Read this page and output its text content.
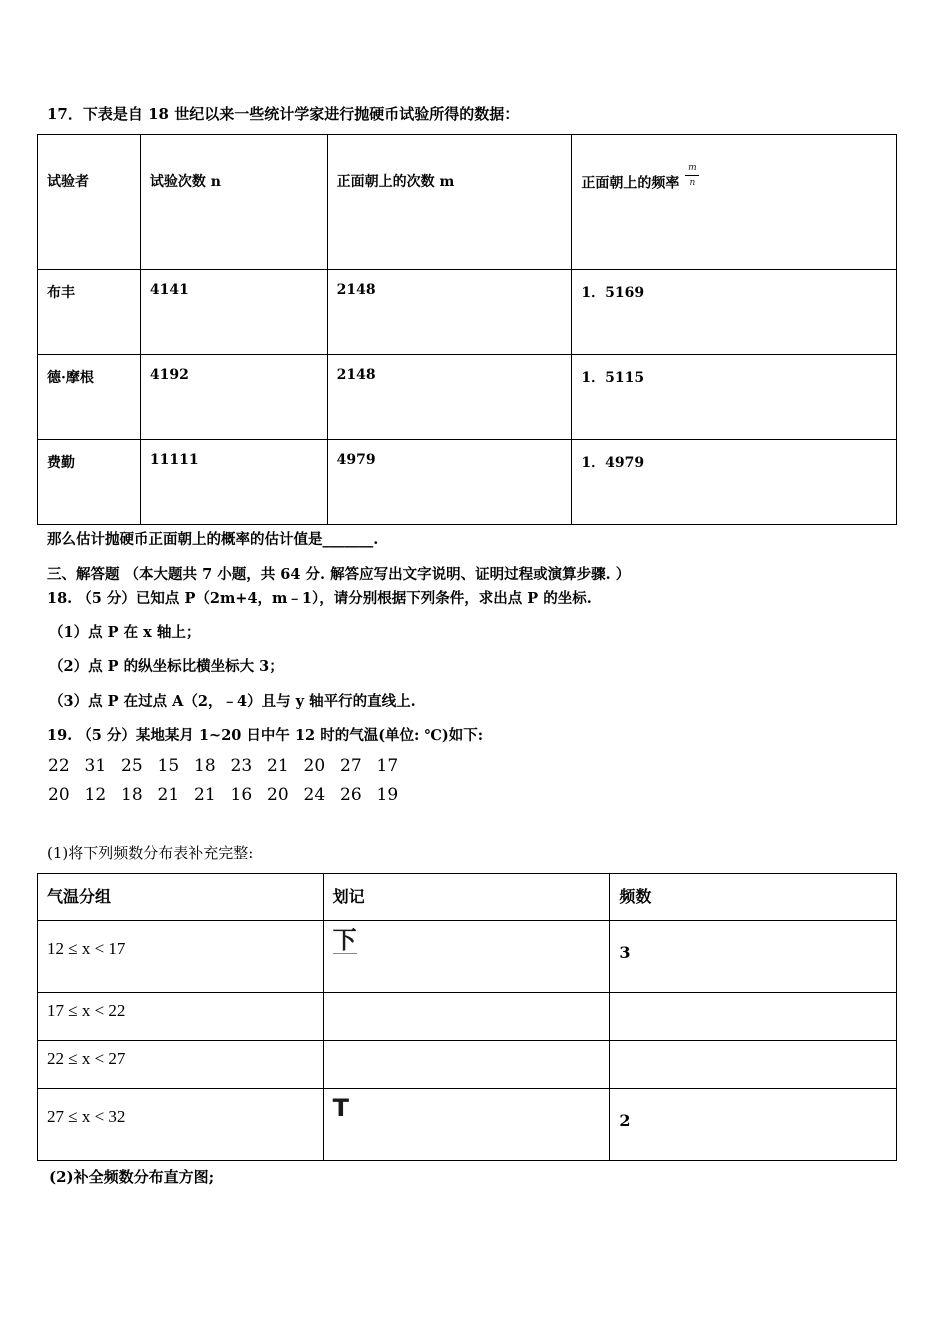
17．下表是自 18 世纪以来一些统计学家进行抛硬币试验所得的数据：
试验者	试验次数 n	正面朝上的次数 m	正面朝上的频率 $\frac{m}{n}$

布丰	4141	2148	1．5169

德·摩根	4192	2148	1．5115

费勤	11111	4979	1．4979
那么估计抛硬币正面朝上的概率的估计值是_______.
三、解答题 （本大题共 7 小题，共 64 分. 解答应写出文字说明、证明过程或演算步骤. ）
18. （5 分）已知点 P（2m+4，m﹣1），请分别根据下列条件，求出点 P 的坐标.
（1）点 P 在 x 轴上；
（2）点 P 的纵坐标比横坐标大 3；
（3）点 P 在过点 A（2，﹣4）且与 y 轴平行的直线上.
19. （5 分）某地某月 1~20 日中午 12 时的气温(单位: ℃)如下:
22 31 25 15 18 23 21 20 27 17
20 12 18 21 21 16 20 24 26 19
(1)将下列频数分布表补充完整:
气温分组	划记	频数

12 ≤ x < 17	下	3

17 ≤ x < 22		

22 ≤ x < 27		

27 ≤ x < 32	T	2
(2)补全频数分布直方图;
